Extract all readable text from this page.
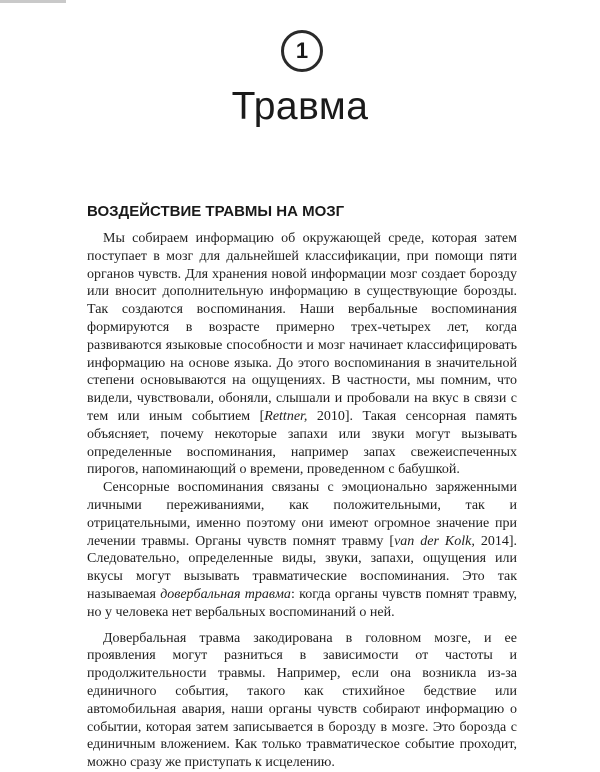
1
Травма
ВОЗДЕЙСТВИЕ ТРАВМЫ НА МОЗГ

Мы собираем информацию об окружающей среде, которая затем поступает в мозг для дальнейшей классификации, при помощи пяти органов чувств. Для хранения новой информации мозг создает борозду или вносит дополнительную информацию в существующие борозды. Так создаются воспоминания. Наши вербальные воспоминания формируются в возрасте примерно трех-четырех лет, когда развиваются языковые способности и мозг начинает классифицировать информацию на основе языка. До этого воспоминания в значительной степени основываются на ощущениях. В частности, мы помним, что видели, чувствовали, обоняли, слышали и пробовали на вкус в связи с тем или иным событием [Rettner, 2010]. Такая сенсорная память объясняет, почему некоторые запахи или звуки могут вызывать определенные воспоминания, например запах свежеиспеченных пирогов, напоминающий о времени, проведенном с бабушкой.

Сенсорные воспоминания связаны с эмоционально заряженными личными переживаниями, как положительными, так и отрицательными, именно поэтому они имеют огромное значение при лечении травмы. Органы чувств помнят травму [van der Kolk, 2014]. Следовательно, определенные виды, звуки, запахи, ощущения или вкусы могут вызывать травматические воспоминания. Это так называемая довербальная травма: когда органы чувств помнят травму, но у человека нет вербальных воспоминаний о ней.

Довербальная травма закодирована в головном мозге, и ее проявления могут разниться в зависимости от частоты и продолжительности травмы. Например, если она возникла из-за единичного события, такого как стихийное бедствие или автомобильная авария, наши органы чувств собирают информацию о событии, которая затем записывается в борозду в мозге. Это борозда с единичным вложением. Как только травматическое событие проходит, можно сразу же приступать к исцелению.
